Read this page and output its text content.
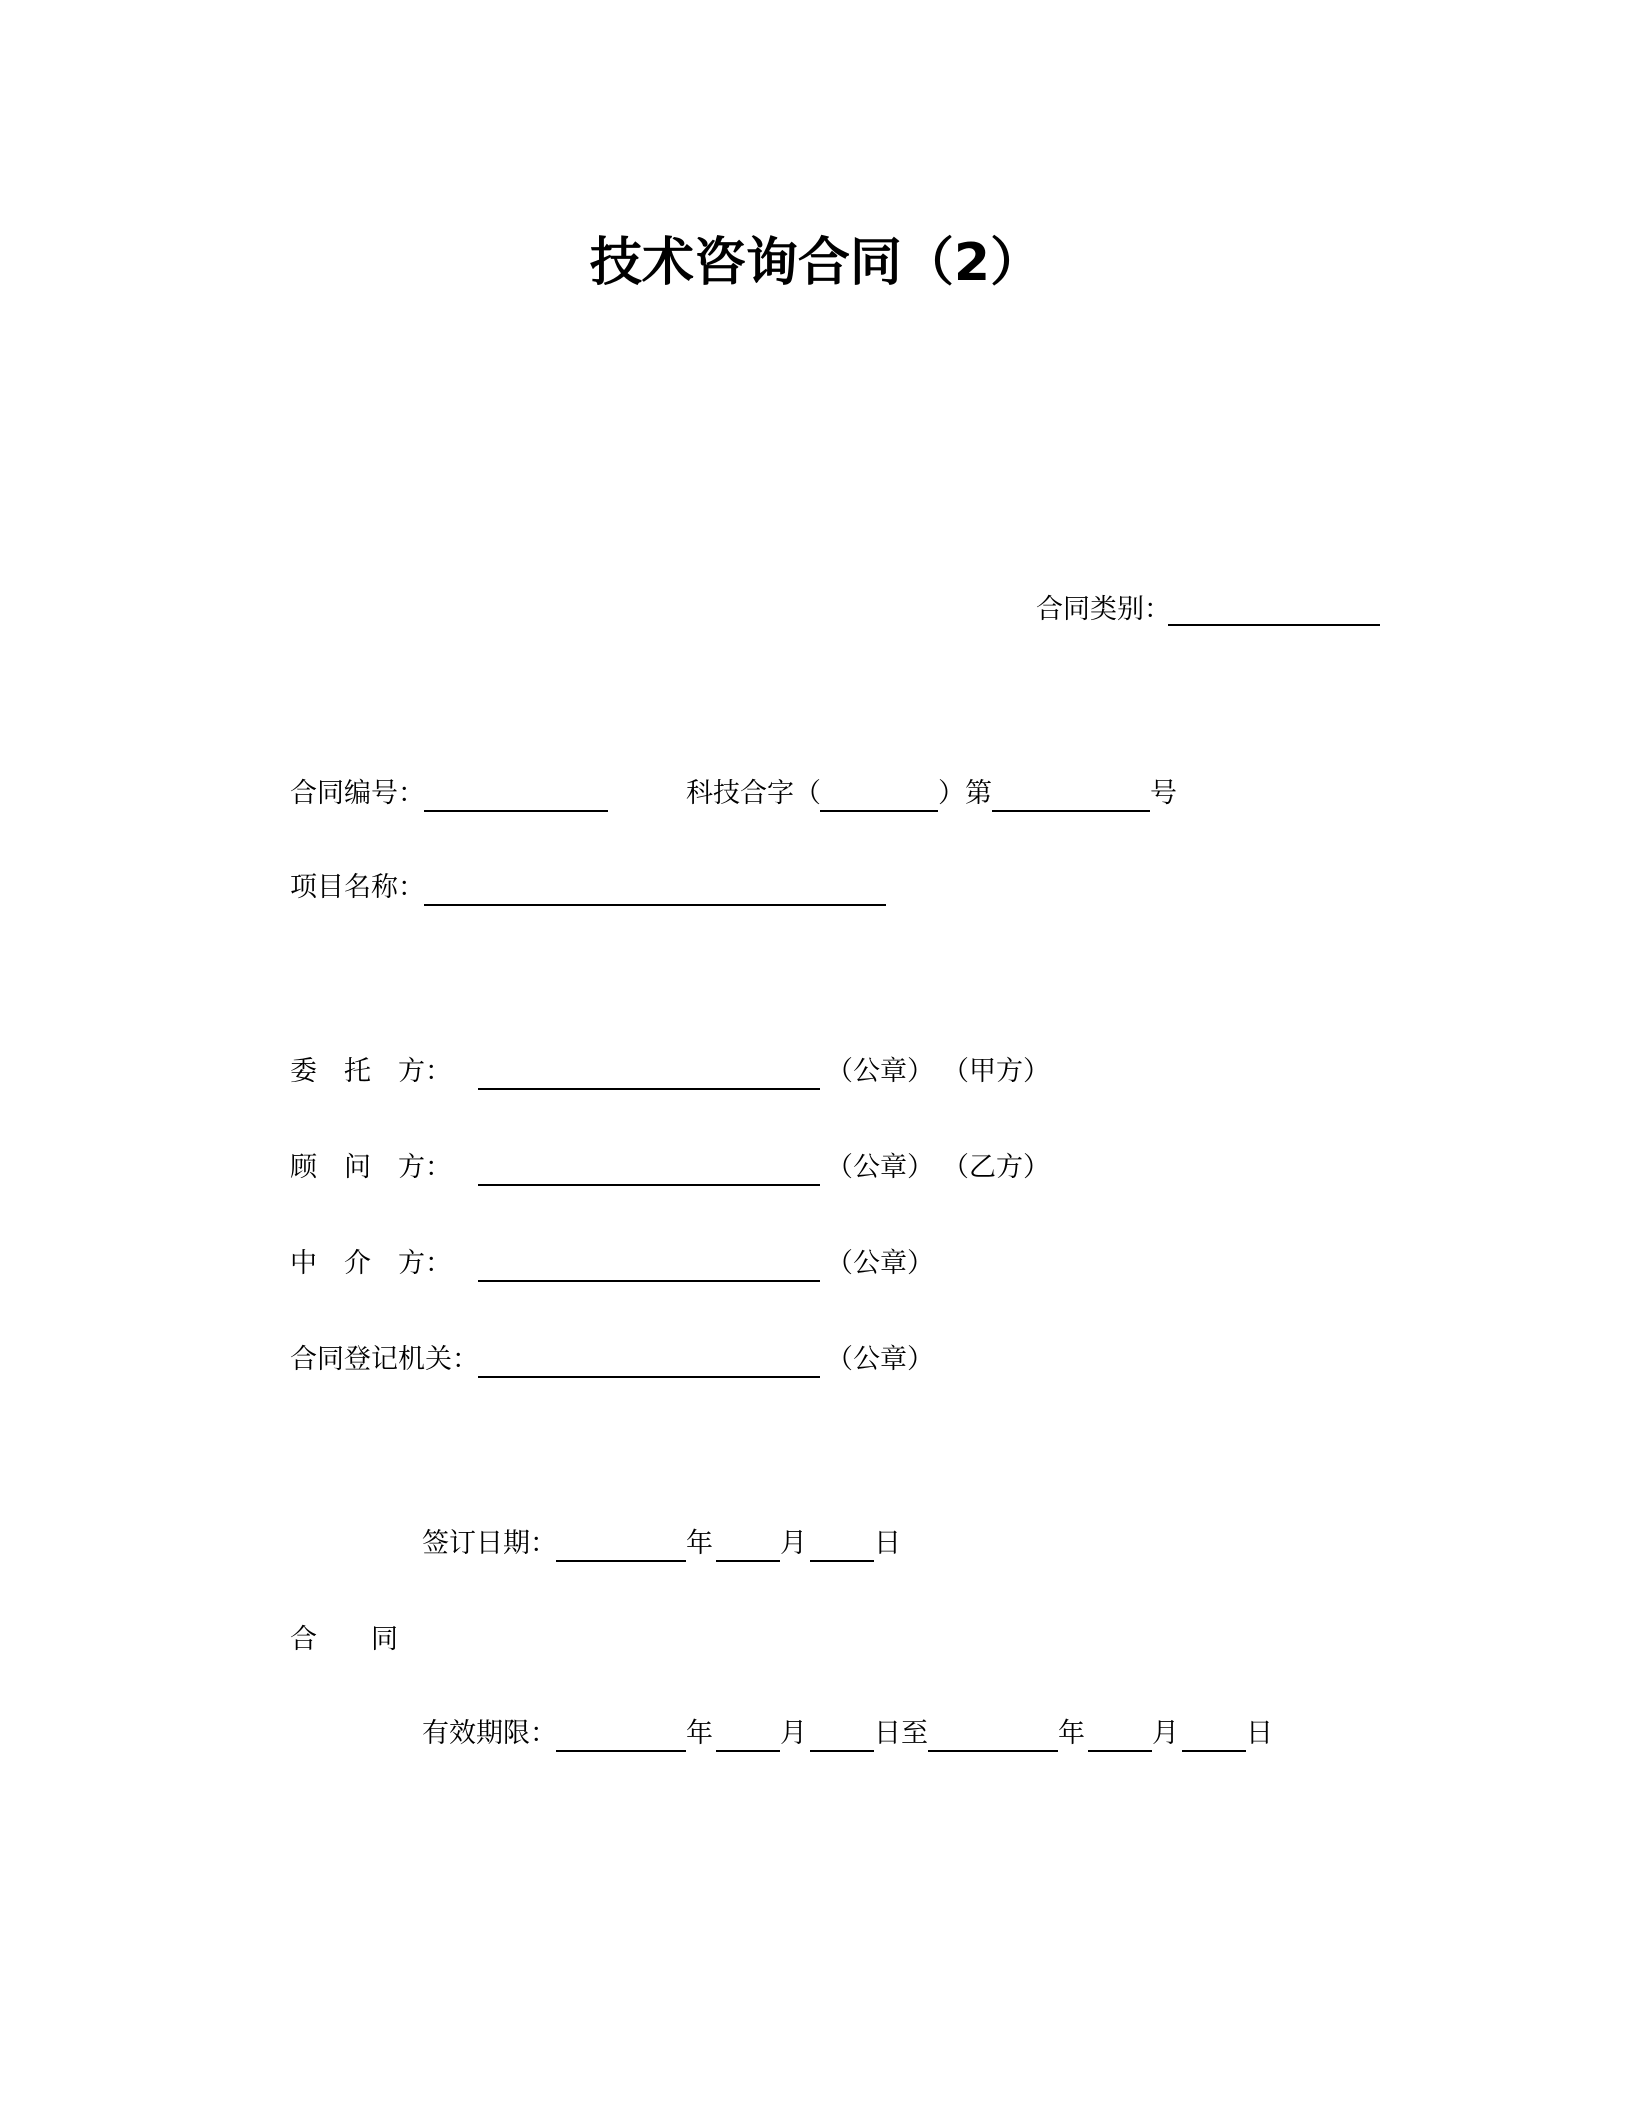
技术咨询合同（2）
合同类别：
合同编号：	科技合字（	）第	号
项目名称：
委　托　方：	（公章） （甲方）
顾　问　方：	（公章） （乙方）
中　介　方：	（公章）
合同登记机关：	（公章）
签订日期：	年 月 日
合　　同
有效期限：	年 月 日至	年 月 日
